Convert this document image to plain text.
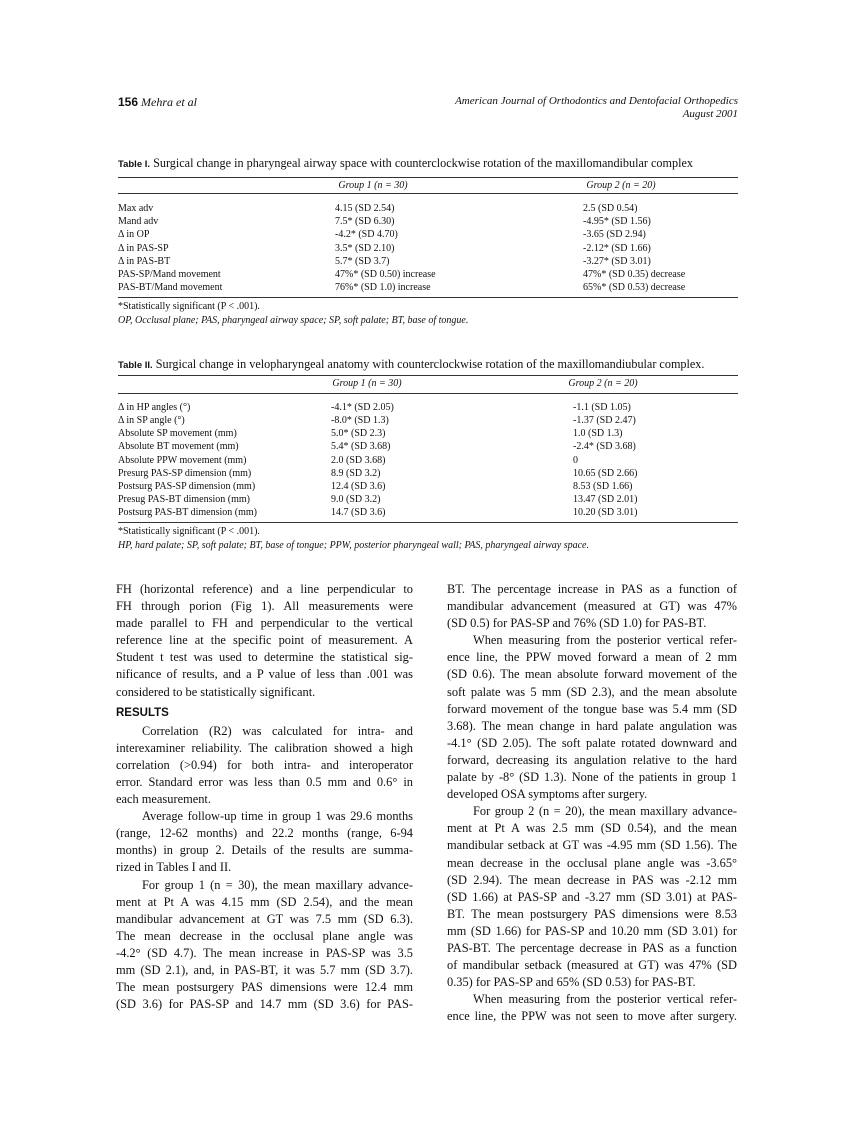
156 Mehra et al	American Journal of Orthodontics and Dentofacial Orthopedics
August 2001
Table I. Surgical change in pharyngeal airway space with counterclockwise rotation of the maxillomandibular complex
Group 1 (n = 30)	Group 2 (n = 20)
Max adv	4.15 (SD 2.54)	2.5 (SD 0.54)
Mand adv	7.5* (SD 6.30)	-4.95* (SD 1.56)
Δ in OP	-4.2* (SD 4.70)	-3.65 (SD 2.94)
Δ in PAS-SP	3.5* (SD 2.10)	-2.12* (SD 1.66)
Δ in PAS-BT	5.7* (SD 3.7)	-3.27* (SD 3.01)
PAS-SP/Mand movement	47%* (SD 0.50) increase	47%* (SD 0.35) decrease
PAS-BT/Mand movement	76%* (SD 1.0) increase	65%* (SD 0.53) decrease
*Statistically significant (P < .001).
OP, Occlusal plane; PAS, pharyngeal airway space; SP, soft palate; BT, base of tongue.
Table II. Surgical change in velopharyngeal anatomy with counterclockwise rotation of the maxillomandiubular complex.
Group 1 (n = 30)	Group 2 (n = 20)
Δ in HP angles (°)	-4.1* (SD 2.05)	-1.1 (SD 1.05)
Δ in SP angle (°)	-8.0* (SD 1.3)	-1.37 (SD 2.47)
Absolute SP movement (mm)	5.0* (SD 2.3)	1.0 (SD 1.3)
Absolute BT movement (mm)	5.4* (SD 3.68)	-2.4* (SD 3.68)
Absolute PPW movement (mm)	2.0 (SD 3.68)	0
Presurg PAS-SP dimension (mm)	8.9 (SD 3.2)	10.65 (SD 2.66)
Postsurg PAS-SP dimension (mm)	12.4 (SD 3.6)	8.53 (SD 1.66)
Presug PAS-BT dimension (mm)	9.0 (SD 3.2)	13.47 (SD 2.01)
Postsurg PAS-BT dimension (mm)	14.7 (SD 3.6)	10.20 (SD 3.01)
*Statistically significant (P < .001).
HP, hard palate; SP, soft palate; BT, base of tongue; PPW, posterior pharyngeal wall; PAS, pharyngeal airway space.
FH (horizontal reference) and a line perpendicular to
FH through porion (Fig 1). All measurements were
made parallel to FH and perpendicular to the vertical
reference line at the specific point of measurement. A
Student t test was used to determine the statistical sig-
nificance of results, and a P value of less than .001 was
considered to be statistically significant.
RESULTS
Correlation (R2) was calculated for intra- and
interexaminer reliability. The calibration showed a high
correlation (>0.94) for both intra- and interoperator
error. Standard error was less than 0.5 mm and 0.6° in
each measurement.
Average follow-up time in group 1 was 29.6 months
(range, 12-62 months) and 22.2 months (range, 6-94
months) in group 2. Details of the results are summa-
rized in Tables I and II.
For group 1 (n = 30), the mean maxillary advance-
ment at Pt A was 4.15 mm (SD 2.54), and the mean
mandibular advancement at GT was 7.5 mm (SD 6.3).
The mean decrease in the occlusal plane angle was
-4.2° (SD 4.7). The mean increase in PAS-SP was 3.5
mm (SD 2.1), and, in PAS-BT, it was 5.7 mm (SD 3.7).
The mean postsurgery PAS dimensions were 12.4 mm
(SD 3.6) for PAS-SP and 14.7 mm (SD 3.6) for PAS-
BT. The percentage increase in PAS as a function of
mandibular advancement (measured at GT) was 47%
(SD 0.5) for PAS-SP and 76% (SD 1.0) for PAS-BT.
When measuring from the posterior vertical refer-
ence line, the PPW moved forward a mean of 2 mm
(SD 0.6). The mean absolute forward movement of the
soft palate was 5 mm (SD 2.3), and the mean absolute
forward movement of the tongue base was 5.4 mm (SD
3.68). The mean change in hard palate angulation was
-4.1° (SD 2.05). The soft palate rotated downward and
forward, decreasing its angulation relative to the hard
palate by -8° (SD 1.3). None of the patients in group 1
developed OSA symptoms after surgery.
For group 2 (n = 20), the mean maxillary advance-
ment at Pt A was 2.5 mm (SD 0.54), and the mean
mandibular setback at GT was -4.95 mm (SD 1.56). The
mean decrease in the occlusal plane angle was -3.65°
(SD 2.94). The mean decrease in PAS was -2.12 mm
(SD 1.66) at PAS-SP and -3.27 mm (SD 3.01) at PAS-
BT. The mean postsurgery PAS dimensions were 8.53
mm (SD 1.66) for PAS-SP and 10.20 mm (SD 3.01) for
PAS-BT. The percentage decrease in PAS as a function
of mandibular setback (measured at GT) was 47% (SD
0.35) for PAS-SP and 65% (SD 0.53) for PAS-BT.
When measuring from the posterior vertical refer-
ence line, the PPW was not seen to move after surgery.
